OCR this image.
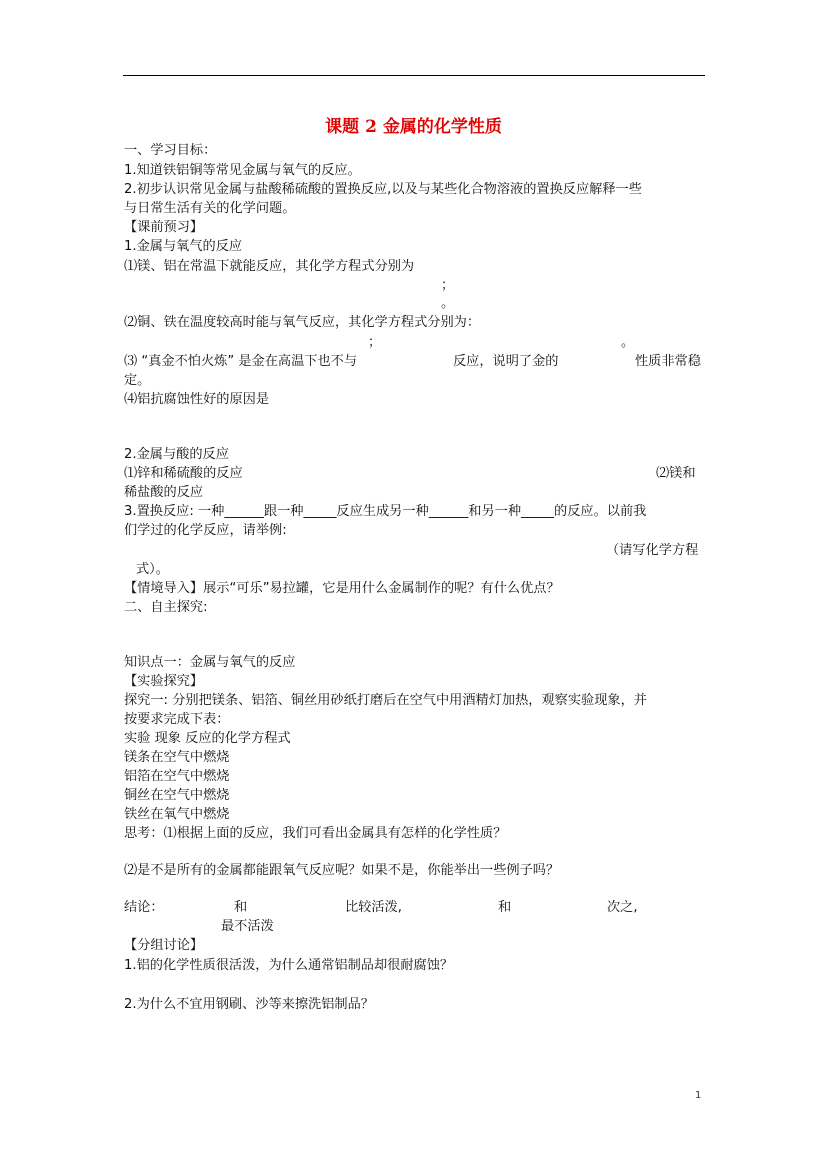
课题 2 金属的化学性质
一、学习目标：
1.知道铁铝铜等常见金属与氧气的反应。
2.初步认识常见金属与盐酸稀硫酸的置换反应,以及与某些化合物溶液的置换反应解释一些
与日常生活有关的化学问题。
【课前预习】
1.金属与氧气的反应
⑴镁、铝在常温下就能反应，其化学方程式分别为
；
。
⑵铜、铁在温度较高时能与氧气反应，其化学方程式分别为：
；	。
⑶ “真金不怕火炼” 是金在高温下也不与	反应，说明了金的	性质非常稳
定。
⑷铝抗腐蚀性好的原因是
2.金属与酸的反应
⑴锌和稀硫酸的反应	⑵镁和
稀盐酸的反应
3.置换反应: 一种______跟一种_____反应生成另一种______和另一种_____的反应。以前我
们学过的化学反应，请举例:
（请写化学方程
式）。
【情境导入】展示“可乐”易拉罐，它是用什么金属制作的呢？有什么优点？
二、自主探究:
知识点一：金属与氧气的反应
【实验探究】
探究一: 分别把镁条、铝箔、铜丝用砂纸打磨后在空气中用酒精灯加热，观察实验现象，并
按要求完成下表：
实验 现象 反应的化学方程式
镁条在空气中燃烧
铝箔在空气中燃烧
铜丝在空气中燃烧
铁丝在氧气中燃烧
思考：⑴根据上面的反应，我们可看出金属具有怎样的化学性质？
⑵是不是所有的金属都能跟氧气反应呢？如果不是，你能举出一些例子吗？
结论：	和	比较活泼,	和	次之,
最不活泼
【分组讨论】
1.铝的化学性质很活泼，为什么通常铝制品却很耐腐蚀？
2.为什么不宜用钢刷、沙等来擦洗铝制品？
1
